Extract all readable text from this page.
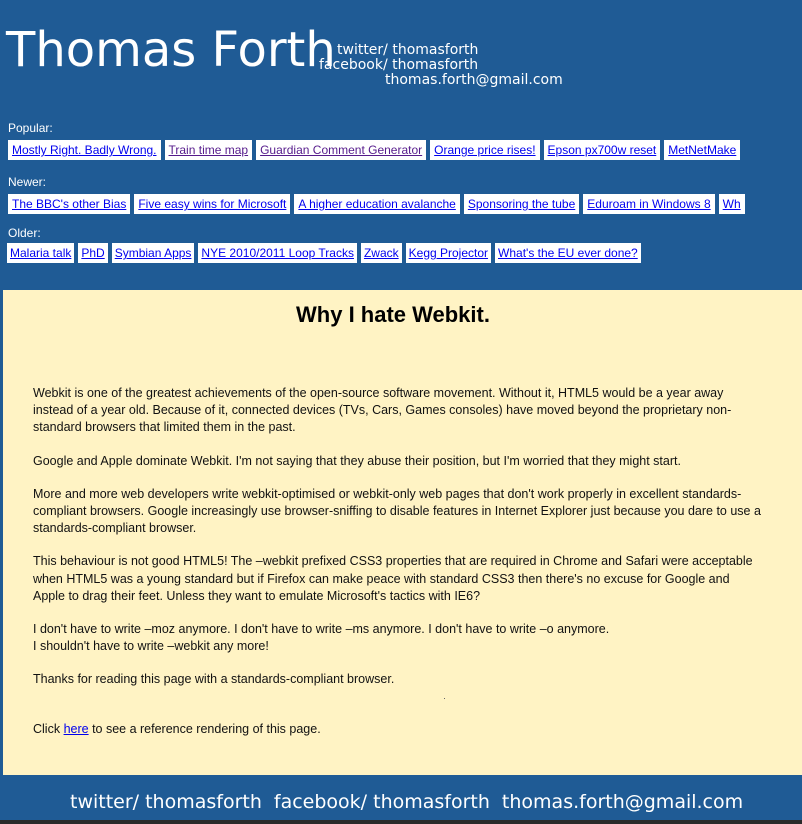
Thomas Forth twitter/ thomasforth
facebook/ thomasforth
thomas.forth@gmail.com
Popular:
Mostly Right. Badly Wrong. Train time map Guardian Comment Generator Orange price rises! Epson px700w reset MetNetMake
Newer:
The BBC's other Bias Five easy wins for Microsoft A higher education avalanche Sponsoring the tube Eduroam in Windows 8 Wh
Older:
Malaria talk PhD Symbian Apps NYE 2010/2011 Loop Tracks Zwack Kegg Projector What's the EU ever done?
Why I hate Webkit.

Webkit is one of the greatest achievements of the open-source software movement. Without it, HTML5 would be a year away instead of a year old. Because of it, connected devices (TVs, Cars, Games consoles) have moved beyond the proprietary non-standard browsers that limited them in the past.

Google and Apple dominate Webkit. I'm not saying that they abuse their position, but I'm worried that they might start.

More and more web developers write webkit-optimised or webkit-only web pages that don't work properly in excellent standards-compliant browsers. Google increasingly use browser-sniffing to disable features in Internet Explorer just because you dare to use a standards-compliant browser.

This behaviour is not good HTML5! The –webkit prefixed CSS3 properties that are required in Chrome and Safari were acceptable when HTML5 was a young standard but if Firefox can make peace with standard CSS3 then there's no excuse for Google and Apple to drag their feet. Unless they want to emulate Microsoft's tactics with IE6?

I don't have to write –moz anymore. I don't have to write –ms anymore. I don't have to write –o anymore.
I shouldn't have to write –webkit any more!

Thanks for reading this page with a standards-compliant browser.

Click here to see a reference rendering of this page.

twitter/ thomasforth facebook/ thomasforth thomas.forth@gmail.com
